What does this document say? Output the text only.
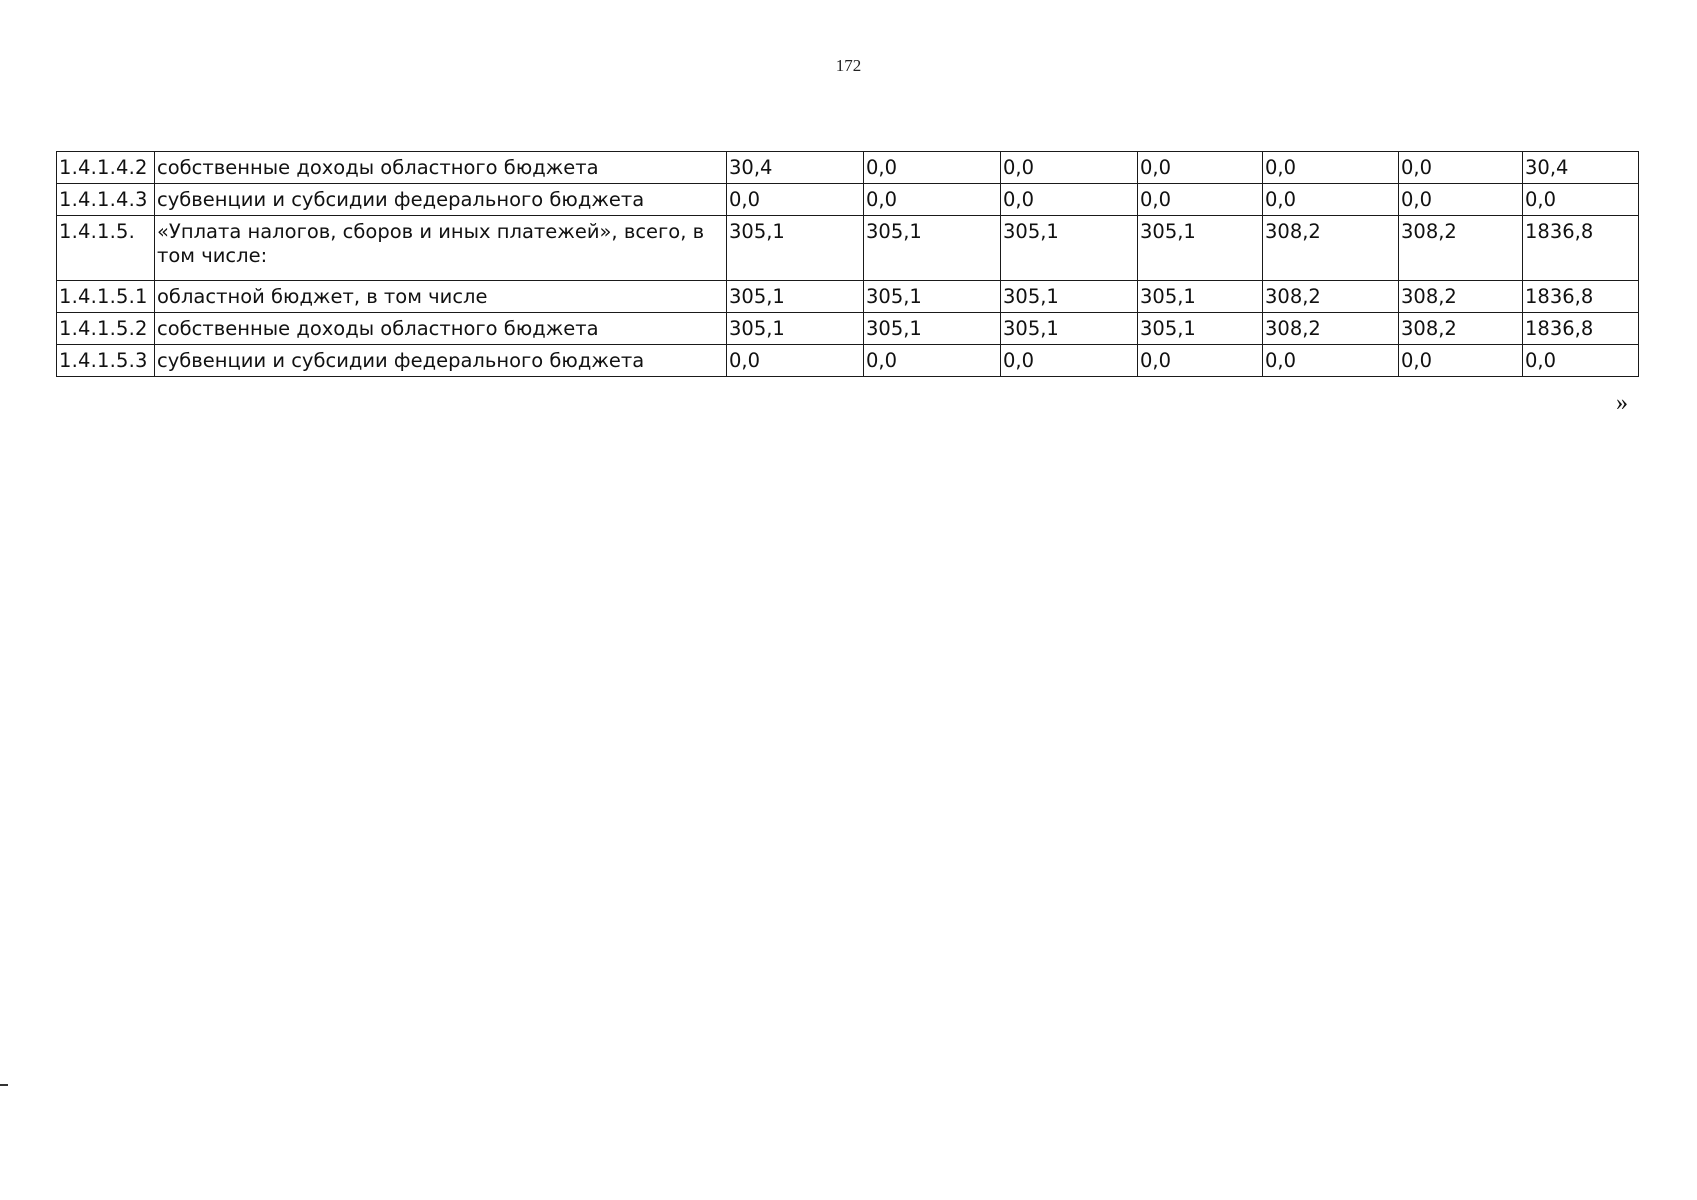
172
1.4.1.4.2	собственные доходы областного бюджета	30,4	0,0	0,0	0,0	0,0	0,0	30,4
1.4.1.4.3	субвенции и субсидии федерального бюджета	0,0	0,0	0,0	0,0	0,0	0,0	0,0
1.4.1.5.	«Уплата налогов, сборов и иных платежей», всего, в том числе:	305,1	305,1	305,1	305,1	308,2	308,2	1836,8
1.4.1.5.1	областной бюджет, в том числе	305,1	305,1	305,1	305,1	308,2	308,2	1836,8
1.4.1.5.2	собственные доходы областного бюджета	305,1	305,1	305,1	305,1	308,2	308,2	1836,8
1.4.1.5.3	субвенции и субсидии федерального бюджета	0,0	0,0	0,0	0,0	0,0	0,0	0,0
»
